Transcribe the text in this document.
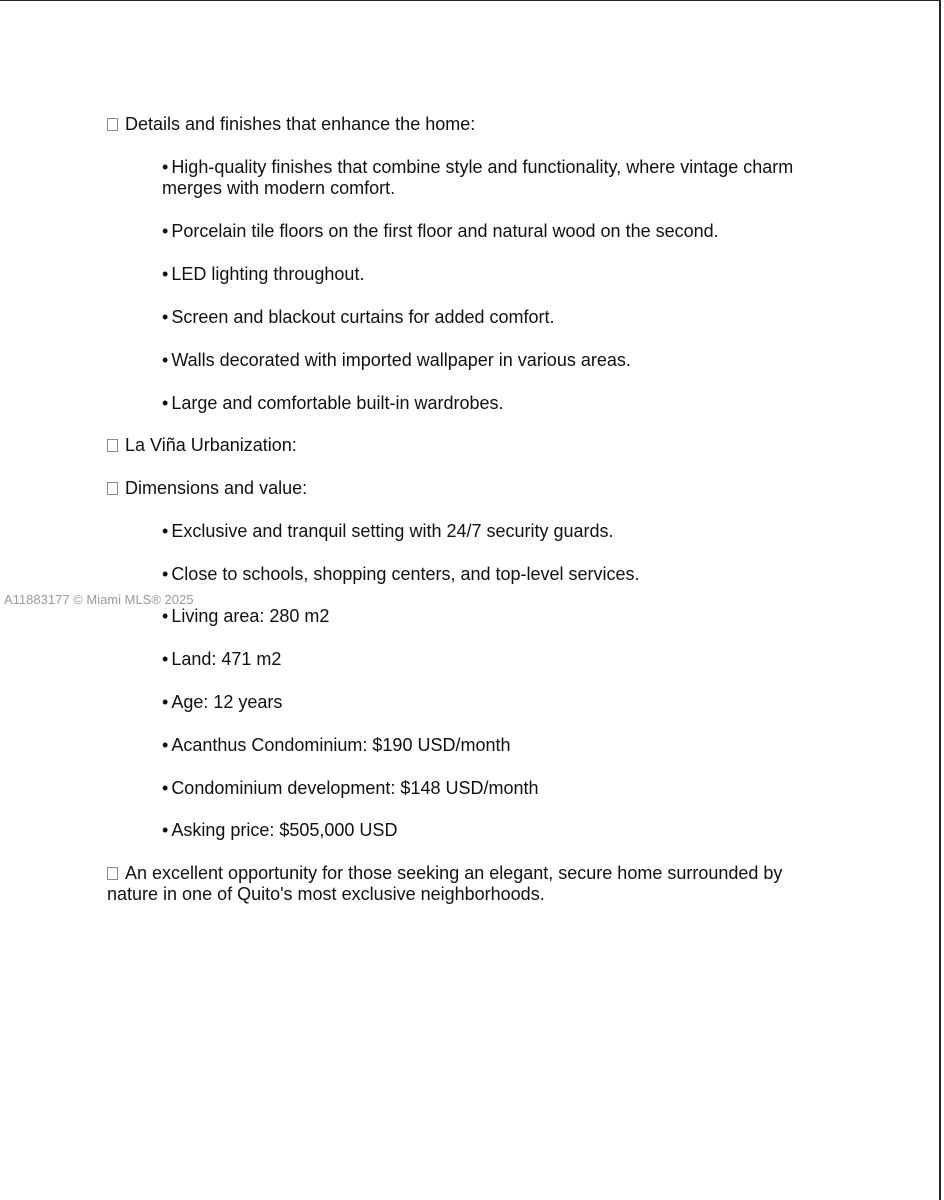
Details and finishes that enhance the home:
• High-quality finishes that combine style and functionality, where vintage charm
merges with modern comfort.
• Porcelain tile floors on the first floor and natural wood on the second.
• LED lighting throughout.
• Screen and blackout curtains for added comfort.
• Walls decorated with imported wallpaper in various areas.
• Large and comfortable built-in wardrobes.
La Viña Urbanization:
Dimensions and value:
• Exclusive and tranquil setting with 24/7 security guards.
• Close to schools, shopping centers, and top-level services.
• Living area: 280 m2
• Land: 471 m2
• Age: 12 years
• Acanthus Condominium: $190 USD/month
• Condominium development: $148 USD/month
• Asking price: $505,000 USD
An excellent opportunity for those seeking an elegant, secure home surrounded by
nature in one of Quito's most exclusive neighborhoods.
A11883177 © Miami MLS® 2025
